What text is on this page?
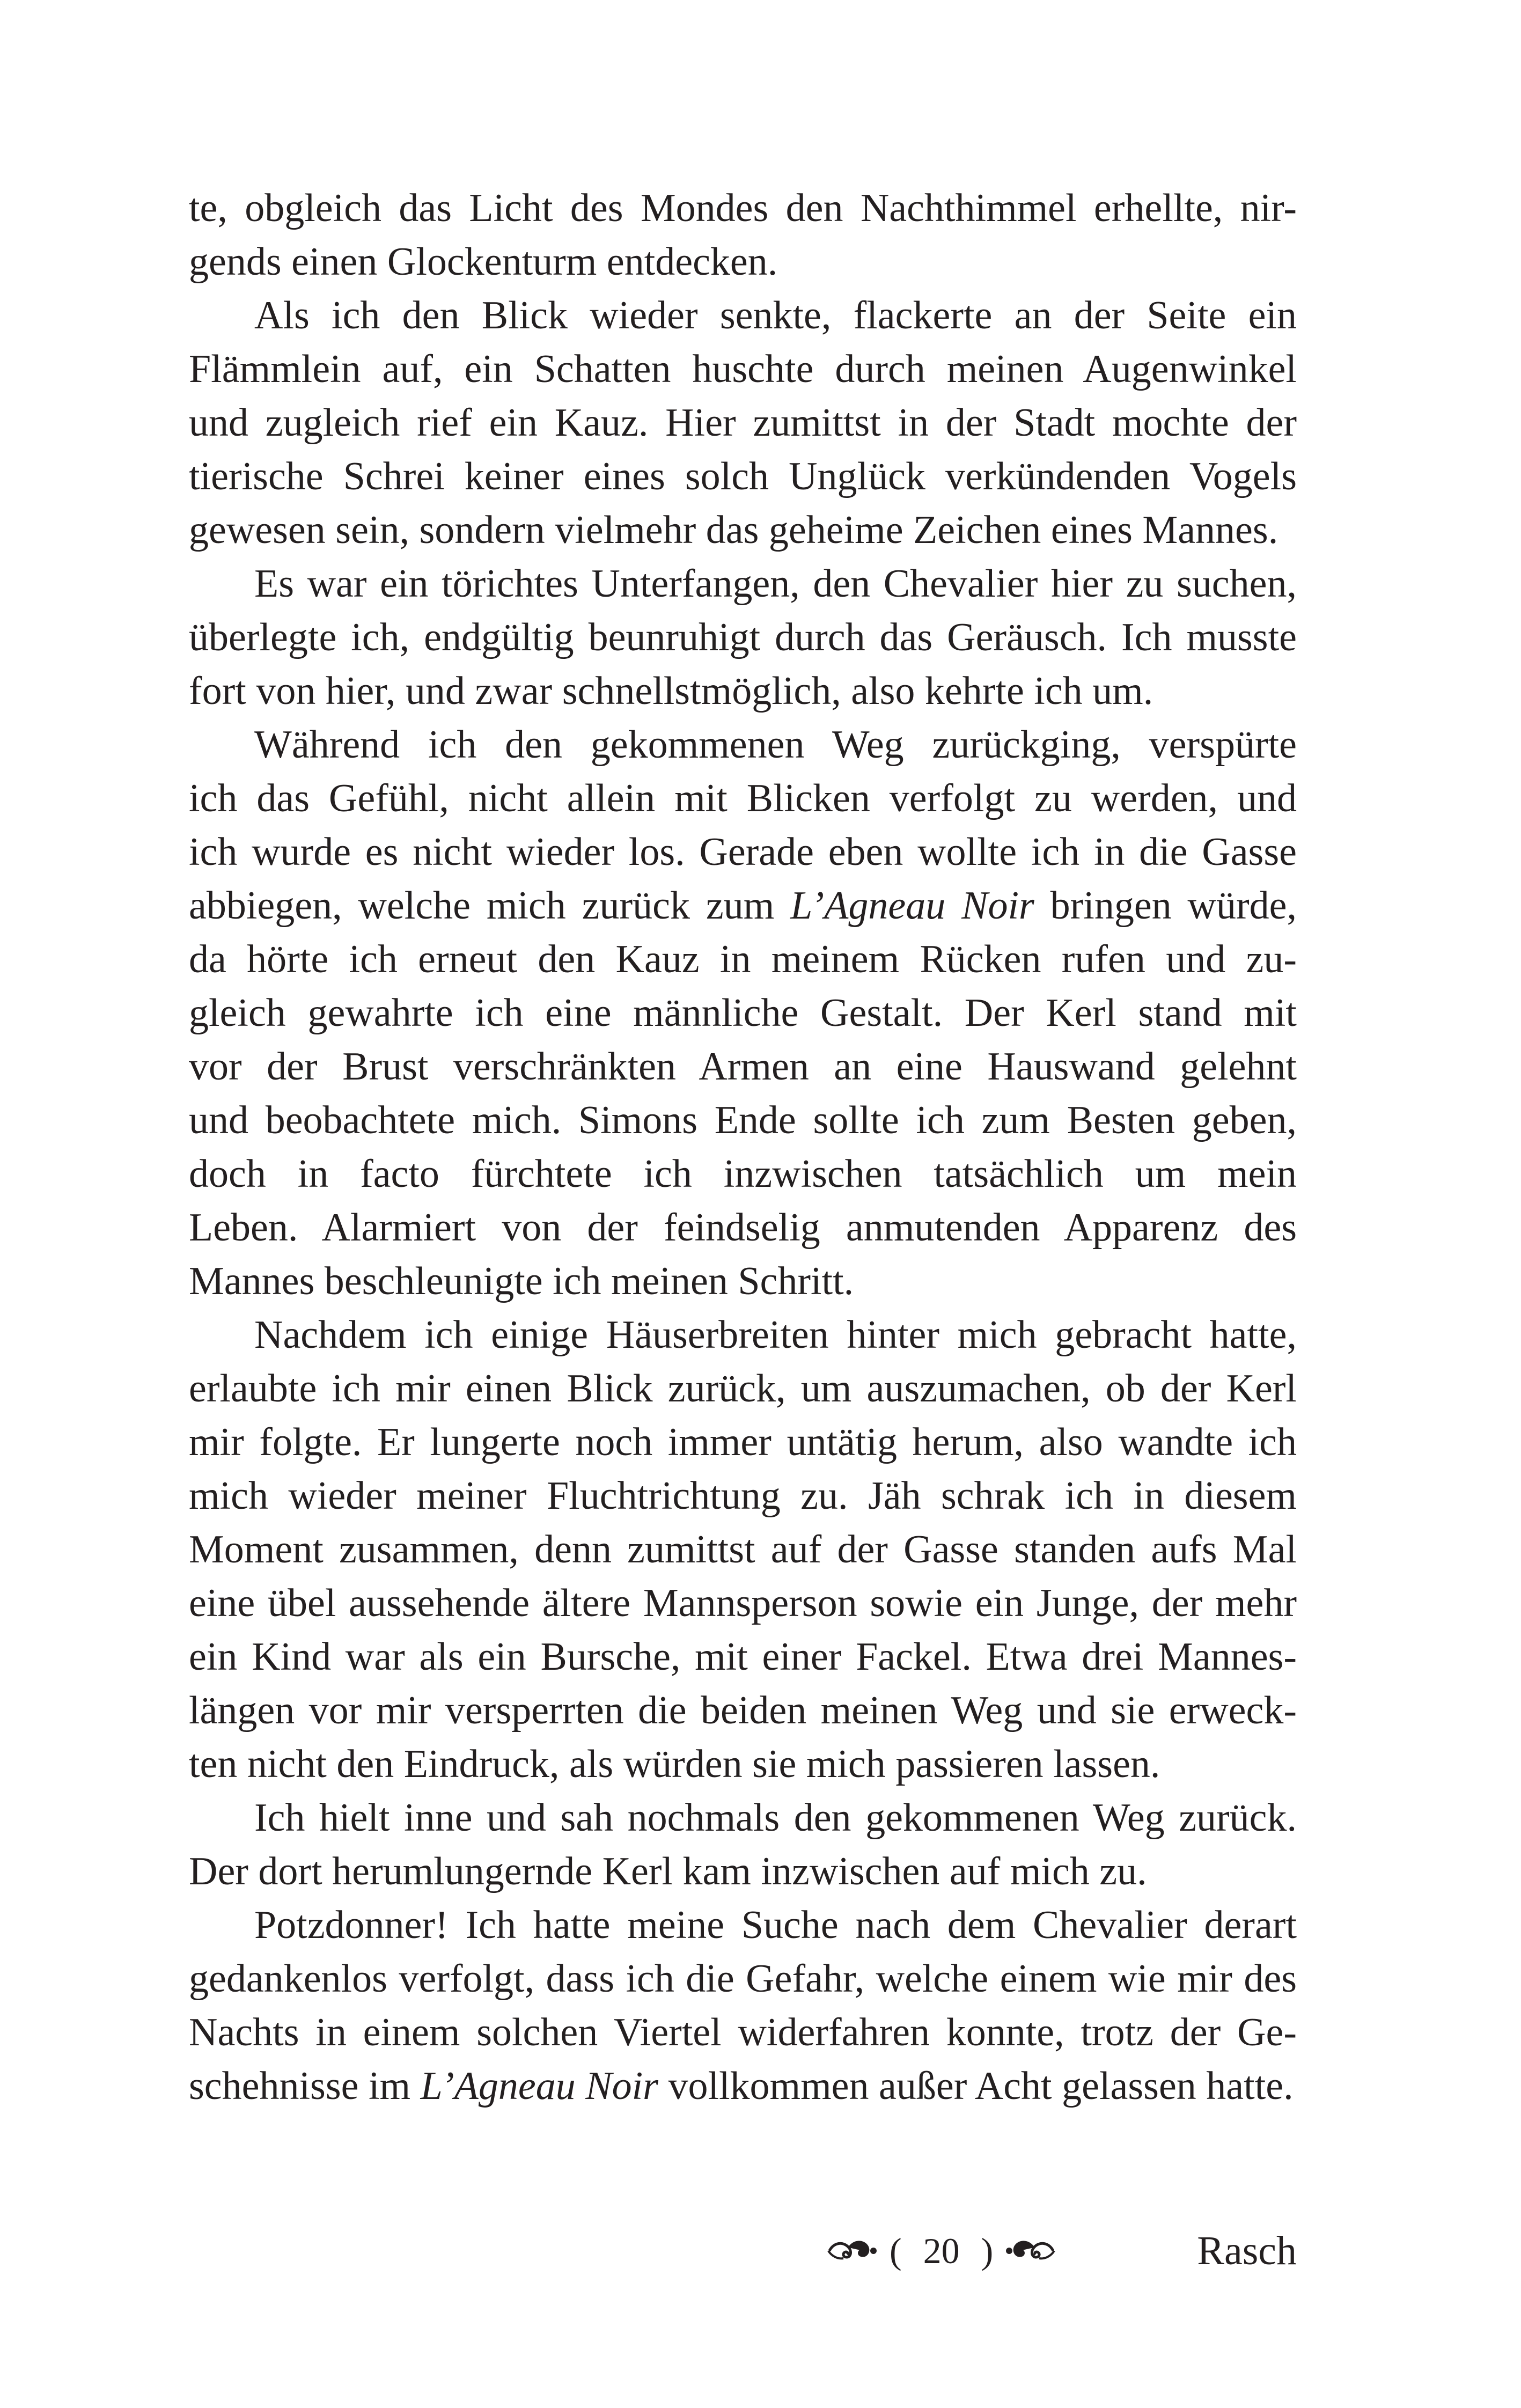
te, obgleich das Licht des Mondes den Nachthimmel erhellte, nir-
gends einen Glockenturm entdecken.
Als ich den Blick wieder senkte, flackerte an der Seite ein
Flämmlein auf, ein Schatten huschte durch meinen Augenwinkel
und zugleich rief ein Kauz. Hier zumittst in der Stadt mochte der
tierische Schrei keiner eines solch Unglück verkündenden Vogels
gewesen sein, sondern vielmehr das geheime Zeichen eines Mannes.
Es war ein törichtes Unterfangen, den Chevalier hier zu suchen,
überlegte ich, endgültig beunruhigt durch das Geräusch. Ich musste
fort von hier, und zwar schnellstmöglich, also kehrte ich um.
Während ich den gekommenen Weg zurückging, verspürte
ich das Gefühl, nicht allein mit Blicken verfolgt zu werden, und
ich wurde es nicht wieder los. Gerade eben wollte ich in die Gasse
abbiegen, welche mich zurück zum L’Agneau Noir bringen würde,
da hörte ich erneut den Kauz in meinem Rücken rufen und zu-
gleich gewahrte ich eine männliche Gestalt. Der Kerl stand mit
vor der Brust verschränkten Armen an eine Hauswand gelehnt
und beobachtete mich. Simons Ende sollte ich zum Besten geben,
doch in facto fürchtete ich inzwischen tatsächlich um mein
Leben. Alarmiert von der feindselig anmutenden Apparenz des
Mannes beschleunigte ich meinen Schritt.
Nachdem ich einige Häuserbreiten hinter mich gebracht hatte,
erlaubte ich mir einen Blick zurück, um auszumachen, ob der Kerl
mir folgte. Er lungerte noch immer untätig herum, also wandte ich
mich wieder meiner Fluchtrichtung zu. Jäh schrak ich in diesem
Moment zusammen, denn zumittst auf der Gasse standen aufs Mal
eine übel aussehende ältere Mannsperson sowie ein Junge, der mehr
ein Kind war als ein Bursche, mit einer Fackel. Etwa drei Mannes-
längen vor mir versperrten die beiden meinen Weg und sie erweck-
ten nicht den Eindruck, als würden sie mich passieren lassen.
Ich hielt inne und sah nochmals den gekommenen Weg zurück.
Der dort herumlungernde Kerl kam inzwischen auf mich zu.
Potzdonner! Ich hatte meine Suche nach dem Chevalier derart
gedankenlos verfolgt, dass ich die Gefahr, welche einem wie mir des
Nachts in einem solchen Viertel widerfahren konnte, trotz der Ge-
schehnisse im L’Agneau Noir vollkommen außer Acht gelassen hatte.
( 20 )	Rasch
